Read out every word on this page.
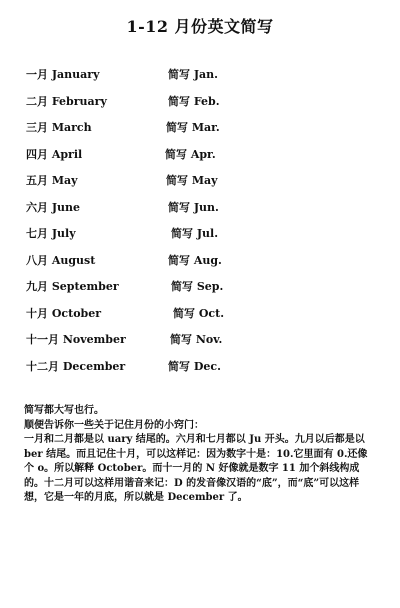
1-12 月份英文简写
一月 January	简写 Jan.
二月 February	简写 Feb.
三月 March	简写 Mar.
四月 April	简写 Apr.
五月 May	简写 May
六月 June	简写 Jun.
七月 July	简写 Jul.
八月 August	简写 Aug.
九月 September	简写 Sep.
十月 October	简写 Oct.
十一月 November	简写 Nov.
十二月 December	简写 Dec.

简写都大写也行。

顺便告诉你一些关于记住月份的小窍门：

一月和二月都是以 uary 结尾的。六月和七月都以 Ju 开头。九月以后都是以 ber 结尾。而且记住十月，可以这样记：因为数字十是：10.它里面有 0.还像个 o。所以解释 October。而十一月的 N 好像就是数字 11 加个斜线构成的。十二月可以这样用谐音来记：D 的发音像汉语的“底”，而“底”可以这样想，它是一年的月底，所以就是 December 了。
